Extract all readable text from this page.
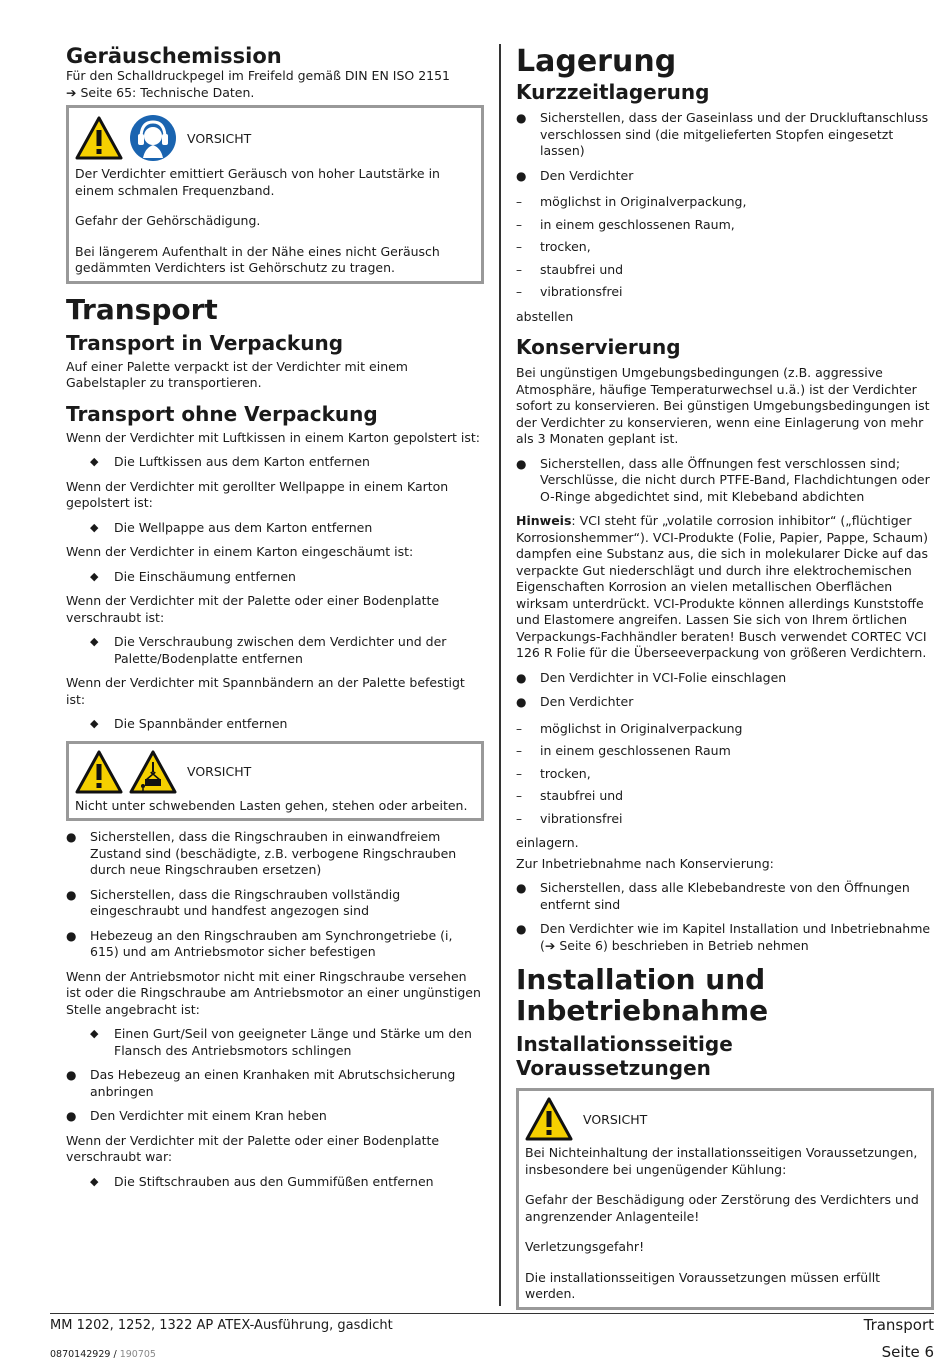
Geräuschemission

Für den Schalldruckpegel im Freifeld gemäß DIN EN ISO 2151

➔ Seite 65: Technische Daten.

VORSICHT

Der Verdichter emittiert Geräusch von hoher Lautstärke in einem schmalen Frequenzband.

Gefahr der Gehörschädigung.

Bei längerem Aufenthalt in der Nähe eines nicht Geräusch gedämmten Verdichters ist Gehörschutz zu tragen.

Transport
Transport in Verpackung

Auf einer Palette verpackt ist der Verdichter mit einem Gabelstapler zu transportieren.

Transport ohne Verpackung

Wenn der Verdichter mit Luftkissen in einem Karton gepolstert ist:

◆ Die Luftkissen aus dem Karton entfernen

Wenn der Verdichter mit gerollter Wellpappe in einem Karton gepolstert ist:

◆ Die Wellpappe aus dem Karton entfernen

Wenn der Verdichter in einem Karton eingeschäumt ist:

◆ Die Einschäumung entfernen

Wenn der Verdichter mit der Palette oder einer Bodenplatte verschraubt ist:

◆ Die Verschraubung zwischen dem Verdichter und der Palette/Bodenplatte entfernen

Wenn der Verdichter mit Spannbändern an der Palette befestigt ist:

◆ Die Spannbänder entfernen
VORSICHT

Nicht unter schwebenden Lasten gehen, stehen oder arbeiten.

● Sicherstellen, dass die Ringschrauben in einwandfreiem Zustand sind (beschädigte, z.B. verbogene Ringschrauben durch neue Ringschrauben ersetzen)
● Sicherstellen, dass die Ringschrauben vollständig eingeschraubt und handfest angezogen sind
● Hebezeug an den Ringschrauben am Synchrongetriebe (i, 615) und am Antriebsmotor sicher befestigen

Wenn der Antriebsmotor nicht mit einer Ringschraube versehen ist oder die Ringschraube am Antriebsmotor an einer ungünstigen Stelle angebracht ist:

◆ Einen Gurt/Seil von geeigneter Länge und Stärke um den Flansch des Antriebsmotors schlingen
● Das Hebezeug an einen Kranhaken mit Abrutschsicherung anbringen
● Den Verdichter mit einem Kran heben

Wenn der Verdichter mit der Palette oder einer Bodenplatte verschraubt war:

◆ Die Stiftschrauben aus den Gummifüßen entfernen
Lagerung
Kurzzeitlagerung
● Sicherstellen, dass der Gaseinlass und der Druckluftanschluss verschlossen sind (die mitgelieferten Stopfen eingesetzt lassen)
● Den Verdichter
– möglichst in Originalverpackung,
– in einem geschlossenen Raum,
– trocken,
– staubfrei und
– vibrationsfrei

abstellen

Konservierung

Bei ungünstigen Umgebungsbedingungen (z.B. aggressive Atmosphäre, häufige Temperaturwechsel u.ä.) ist der Verdichter sofort zu konservieren. Bei günstigen Umgebungsbedingungen ist der Verdichter zu konservieren, wenn eine Einlagerung von mehr als 3 Monaten geplant ist.

● Sicherstellen, dass alle Öffnungen fest verschlossen sind; Verschlüsse, die nicht durch PTFE-Band, Flachdichtungen oder O-Ringe abgedichtet sind, mit Klebeband abdichten

Hinweis: VCI steht für „volatile corrosion inhibitor“ („flüchtiger Korrosionshemmer“). VCI-Produkte (Folie, Papier, Pappe, Schaum) dampfen eine Substanz aus, die sich in molekularer Dicke auf das verpackte Gut niederschlägt und durch ihre elektrochemischen Eigenschaften Korrosion an vielen metallischen Oberflächen wirksam unterdrückt. VCI-Produkte können allerdings Kunststoffe und Elastomere angreifen. Lassen Sie sich von Ihrem örtlichen Verpackungs-Fachhändler beraten! Busch verwendet CORTEC VCI 126 R Folie für die Überseeverpackung von größeren Verdichtern.

● Den Verdichter in VCI-Folie einschlagen
● Den Verdichter
– möglichst in Originalverpackung
– in einem geschlossenen Raum
– trocken,
– staubfrei und
– vibrationsfrei

einlagern.

Zur Inbetriebnahme nach Konservierung:

● Sicherstellen, dass alle Klebebandreste von den Öffnungen entfernt sind
● Den Verdichter wie im Kapitel Installation und Inbetriebnahme (➔ Seite 6) beschrieben in Betrieb nehmen
Installation und
Inbetriebnahme
Installationsseitige Voraussetzungen
VORSICHT

Bei Nichteinhaltung der installationsseitigen Voraussetzungen, insbesondere bei ungenügender Kühlung:

Gefahr der Beschädigung oder Zerstörung des Verdichters und angrenzender Anlagenteile!

Verletzungsgefahr!

Die installationsseitigen Voraussetzungen müssen erfüllt werden.

MM 1202, 1252, 1322 AP ATEX-Ausführung, gasdicht
0870142929 / 190705
Transport
Seite 6
